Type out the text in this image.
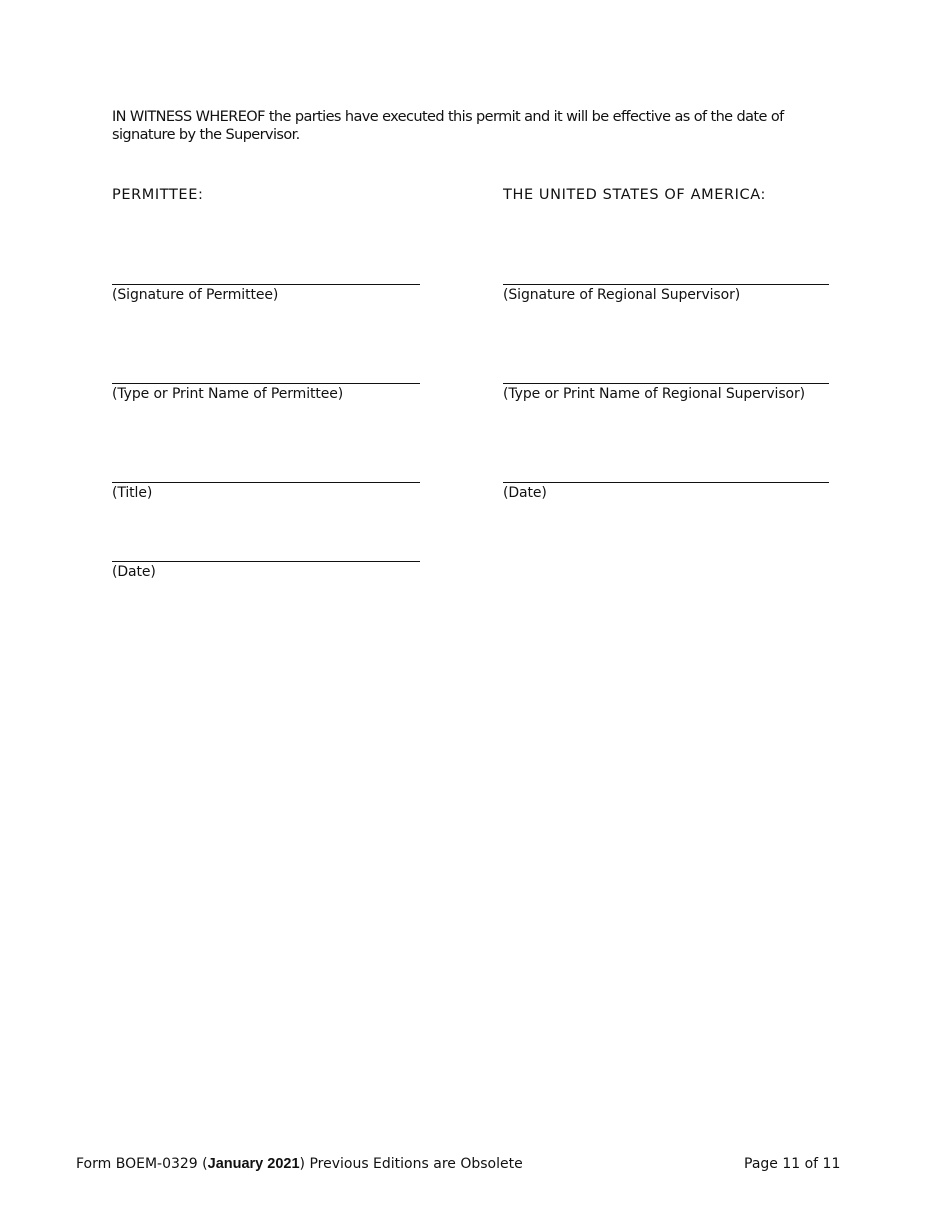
IN WITNESS WHEREOF the parties have executed this permit and it will be effective as of the date of signature by the Supervisor.
PERMITTEE:
(Signature of Permittee)
(Type or Print Name of Permittee)
(Title)
(Date)
THE UNITED STATES OF AMERICA:
(Signature of Regional Supervisor)
(Type or Print Name of Regional Supervisor)
(Date)
Form BOEM-0329 (January 2021) Previous Editions are Obsolete	Page 11 of 11
